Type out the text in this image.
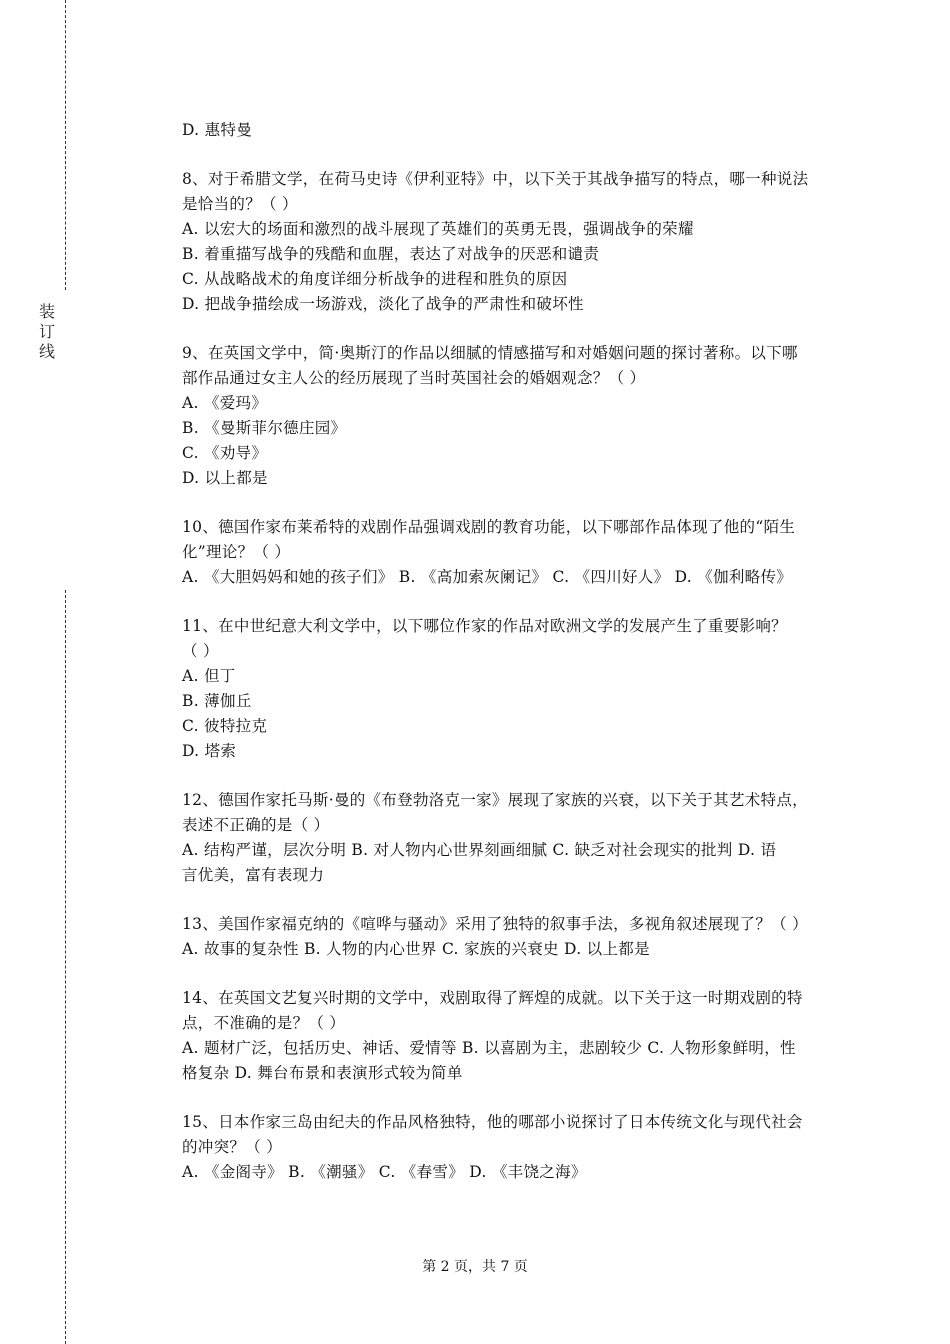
装
订
线
D. 惠特曼
8、对于希腊文学，在荷马史诗《伊利亚特》中，以下关于其战争描写的特点，哪一种说法
是恰当的？（ ）
A. 以宏大的场面和激烈的战斗展现了英雄们的英勇无畏，强调战争的荣耀
B. 着重描写战争的残酷和血腥，表达了对战争的厌恶和谴责
C. 从战略战术的角度详细分析战争的进程和胜负的原因
D. 把战争描绘成一场游戏，淡化了战争的严肃性和破坏性
9、在英国文学中，简·奥斯汀的作品以细腻的情感描写和对婚姻问题的探讨著称。以下哪
部作品通过女主人公的经历展现了当时英国社会的婚姻观念？（ ）
A. 《爱玛》
B. 《曼斯菲尔德庄园》
C. 《劝导》
D. 以上都是
10、德国作家布莱希特的戏剧作品强调戏剧的教育功能，以下哪部作品体现了他的“陌生
化”理论？（ ）
A. 《大胆妈妈和她的孩子们》 B. 《高加索灰阑记》 C. 《四川好人》 D. 《伽利略传》
11、在中世纪意大利文学中，以下哪位作家的作品对欧洲文学的发展产生了重要影响？
（ ）
A. 但丁
B. 薄伽丘
C. 彼特拉克
D. 塔索
12、德国作家托马斯·曼的《布登勃洛克一家》展现了家族的兴衰，以下关于其艺术特点，
表述不正确的是（ ）
A. 结构严谨，层次分明 B. 对人物内心世界刻画细腻 C. 缺乏对社会现实的批判 D. 语
言优美，富有表现力
13、美国作家福克纳的《喧哗与骚动》采用了独特的叙事手法，多视角叙述展现了？（ ）
A. 故事的复杂性 B. 人物的内心世界 C. 家族的兴衰史 D. 以上都是
14、在英国文艺复兴时期的文学中，戏剧取得了辉煌的成就。以下关于这一时期戏剧的特
点，不准确的是？（ ）
A. 题材广泛，包括历史、神话、爱情等 B. 以喜剧为主，悲剧较少 C. 人物形象鲜明，性
格复杂 D. 舞台布景和表演形式较为简单
15、日本作家三岛由纪夫的作品风格独特，他的哪部小说探讨了日本传统文化与现代社会
的冲突？（ ）
A. 《金阁寺》 B. 《潮骚》 C. 《春雪》 D. 《丰饶之海》
第 2 页，共 7 页
